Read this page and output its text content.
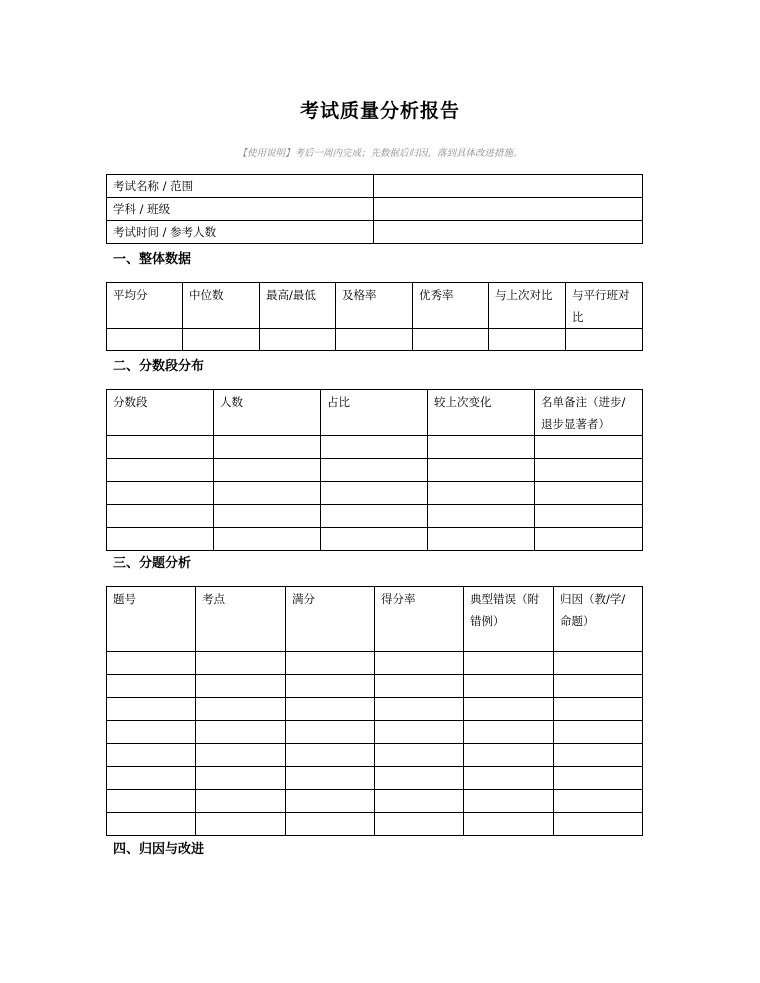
考试质量分析报告
【使用说明】考后一周内完成；先数据后归因，落到具体改进措施。
考试名称 / 范围	
学科 / 班级	
考试时间 / 参考人数	
一、整体数据
平均分	中位数	最高/最低	及格率	优秀率	与上次对比	与平行班对比

二、分数段分布
分数段	人数	占比	较上次变化	名单备注（进步/退步显著者）

三、分题分析
题号	考点	满分	得分率	典型错误（附错例）	归因（教/学/命题）

四、归因与改进
